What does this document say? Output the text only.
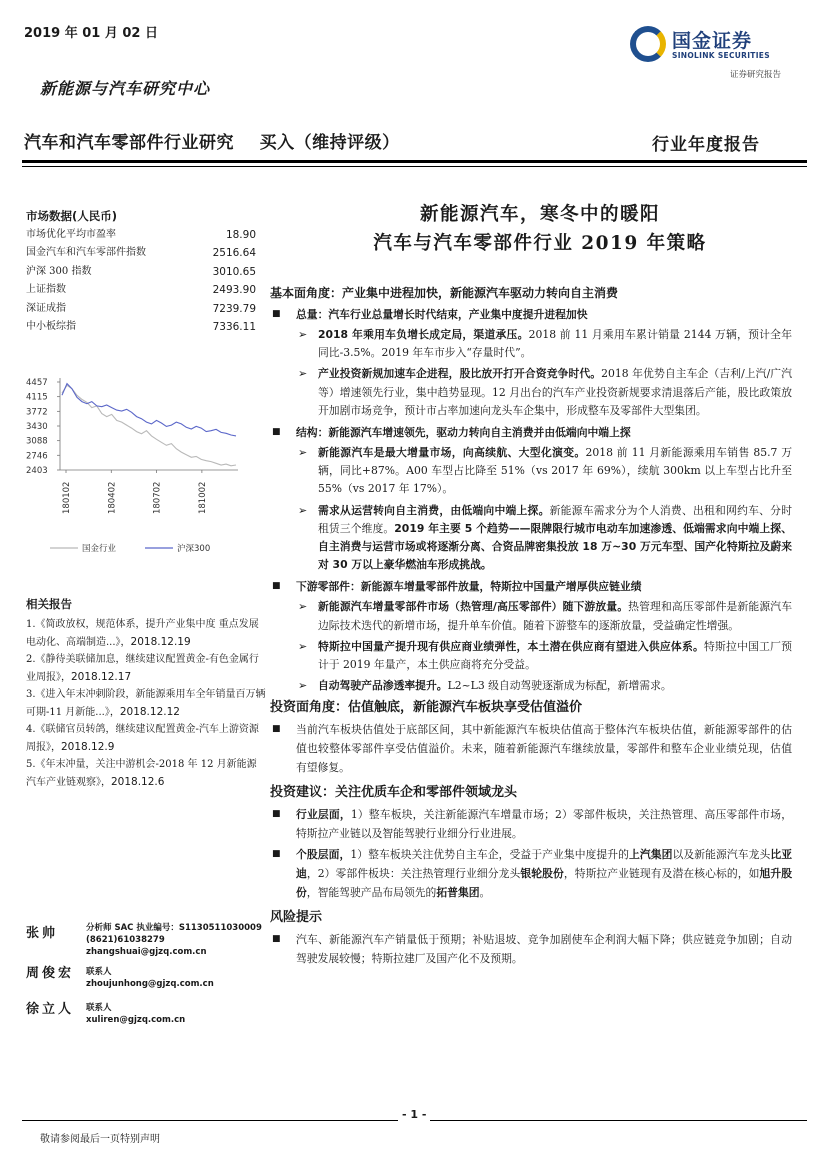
2019 年 01 月 02 日	国金证券
SINOLINK SECURITIES
证券研究报告
新能源与汽车研究中心
汽车和汽车零部件行业研究    买入（维持评级）	行业年度报告
市场数据(人民币)
市场优化平均市盈率	18.90
国金汽车和汽车零部件指数	2516.64
沪深 300 指数	3010.65
上证指数	2493.90
深证成指	7239.79
中小板综指	7336.11
4457
4115
3772
3430
3088
2746
2403
180102	180402	180702	181002
国金行业	沪深300
相关报告
1.《简政放权，规范体系，提升产业集中度 重点发展电动化、高端制造...》，2018.12.19
2.《静待美联储加息，继续建议配置黄金-有色金属行业周报》，2018.12.17
3.《进入年末冲刺阶段，新能源乘用车全年销量百万辆可期-11 月新能...》，2018.12.12
4.《联储官员转鸽，继续建议配置黄金-汽车上游资源周报》，2018.12.9
5.《年末冲量，关注中游机会-2018 年 12 月新能源汽车产业链观察》，2018.12.6
张帅	分析师 SAC 执业编号：S1130511030009
(8621)61038279
zhangshuai@gjzq.com.cn
周俊宏 联系人
zhoujunhong@gjzq.com.cn
徐立人 联系人
xuliren@gjzq.com.cn
新能源汽车，寒冬中的暖阳
汽车与汽车零部件行业 2019 年策略
基本面角度：产业集中进程加快，新能源汽车驱动力转向自主消费
■ 总量：汽车行业总量增长时代结束，产业集中度提升进程加快
➢ 2018 年乘用车负增长成定局，渠道承压。2018 前 11 月乘用车累计销量 2144 万辆，预计全年同比-3.5%。2019 年车市步入“存量时代”。
➢ 产业投资新规加速车企进程，股比放开打开合资竞争时代。2018 年优势自主车企（吉利/上汽/广汽等）增速领先行业，集中趋势显现。12 月出台的汽车产业投资新规要求清退落后产能，股比政策放开加剧市场竞争，预计市占率加速向龙头车企集中，形成整车及零部件大型集团。
■ 结构：新能源汽车增速领先，驱动力转向自主消费并由低端向中端上探
➢ 新能源汽车是最大增量市场，向高续航、大型化演变。2018 前 11 月新能源乘用车销售 85.7 万辆，同比+87%。A00 车型占比降至 51%（vs 2017 年 69%），续航 300km 以上车型占比升至 55%（vs 2017 年 17%）。
➢ 需求从运营转向自主消费，由低端向中端上探。新能源车需求分为个人消费、出租和网约车、分时租赁三个维度。2019 年主要 5 个趋势——限牌限行城市电动车加速渗透、低端需求向中端上探、自主消费与运营市场或将逐渐分离、合资品牌密集投放 18 万~30 万元车型、国产化特斯拉及蔚来对 30 万以上豪华燃油车形成挑战。
■ 下游零部件：新能源车增量零部件放量，特斯拉中国量产增厚供应链业绩
➢ 新能源汽车增量零部件市场（热管理/高压零部件）随下游放量。热管理和高压零部件是新能源汽车边际技术迭代的新增市场，提升单车价值。随着下游整车的逐渐放量，受益确定性增强。
➢ 特斯拉中国量产提升现有供应商业绩弹性，本土潜在供应商有望进入供应体系。特斯拉中国工厂预计于 2019 年量产，本土供应商将充分受益。
➢ 自动驾驶产品渗透率提升。L2~L3 级自动驾驶逐渐成为标配，新增需求。
投资面角度：估值触底，新能源汽车板块享受估值溢价
■ 当前汽车板块估值处于底部区间，其中新能源汽车板块估值高于整体汽车板块估值，新能源零部件的估值也较整体零部件享受估值溢价。未来，随着新能源汽车继续放量，零部件和整车企业业绩兑现，估值有望修复。
投资建议：关注优质车企和零部件领域龙头
■ 行业层面，1）整车板块，关注新能源汽车增量市场；2）零部件板块，关注热管理、高压零部件市场，特斯拉产业链以及智能驾驶行业细分行业进展。
■ 个股层面，1）整车板块关注优势自主车企，受益于产业集中度提升的上汽集团以及新能源汽车龙头比亚迪，2）零部件板块：关注热管理行业细分龙头银轮股份，特斯拉产业链现有及潜在核心标的，如旭升股份，智能驾驶产品布局领先的拓普集团。
风险提示
■ 汽车、新能源汽车产销量低于预期；补贴退坡、竞争加剧使车企利润大幅下降；供应链竞争加剧；自动驾驶发展较慢；特斯拉建厂及国产化不及预期。
- 1 -
敬请参阅最后一页特别声明
